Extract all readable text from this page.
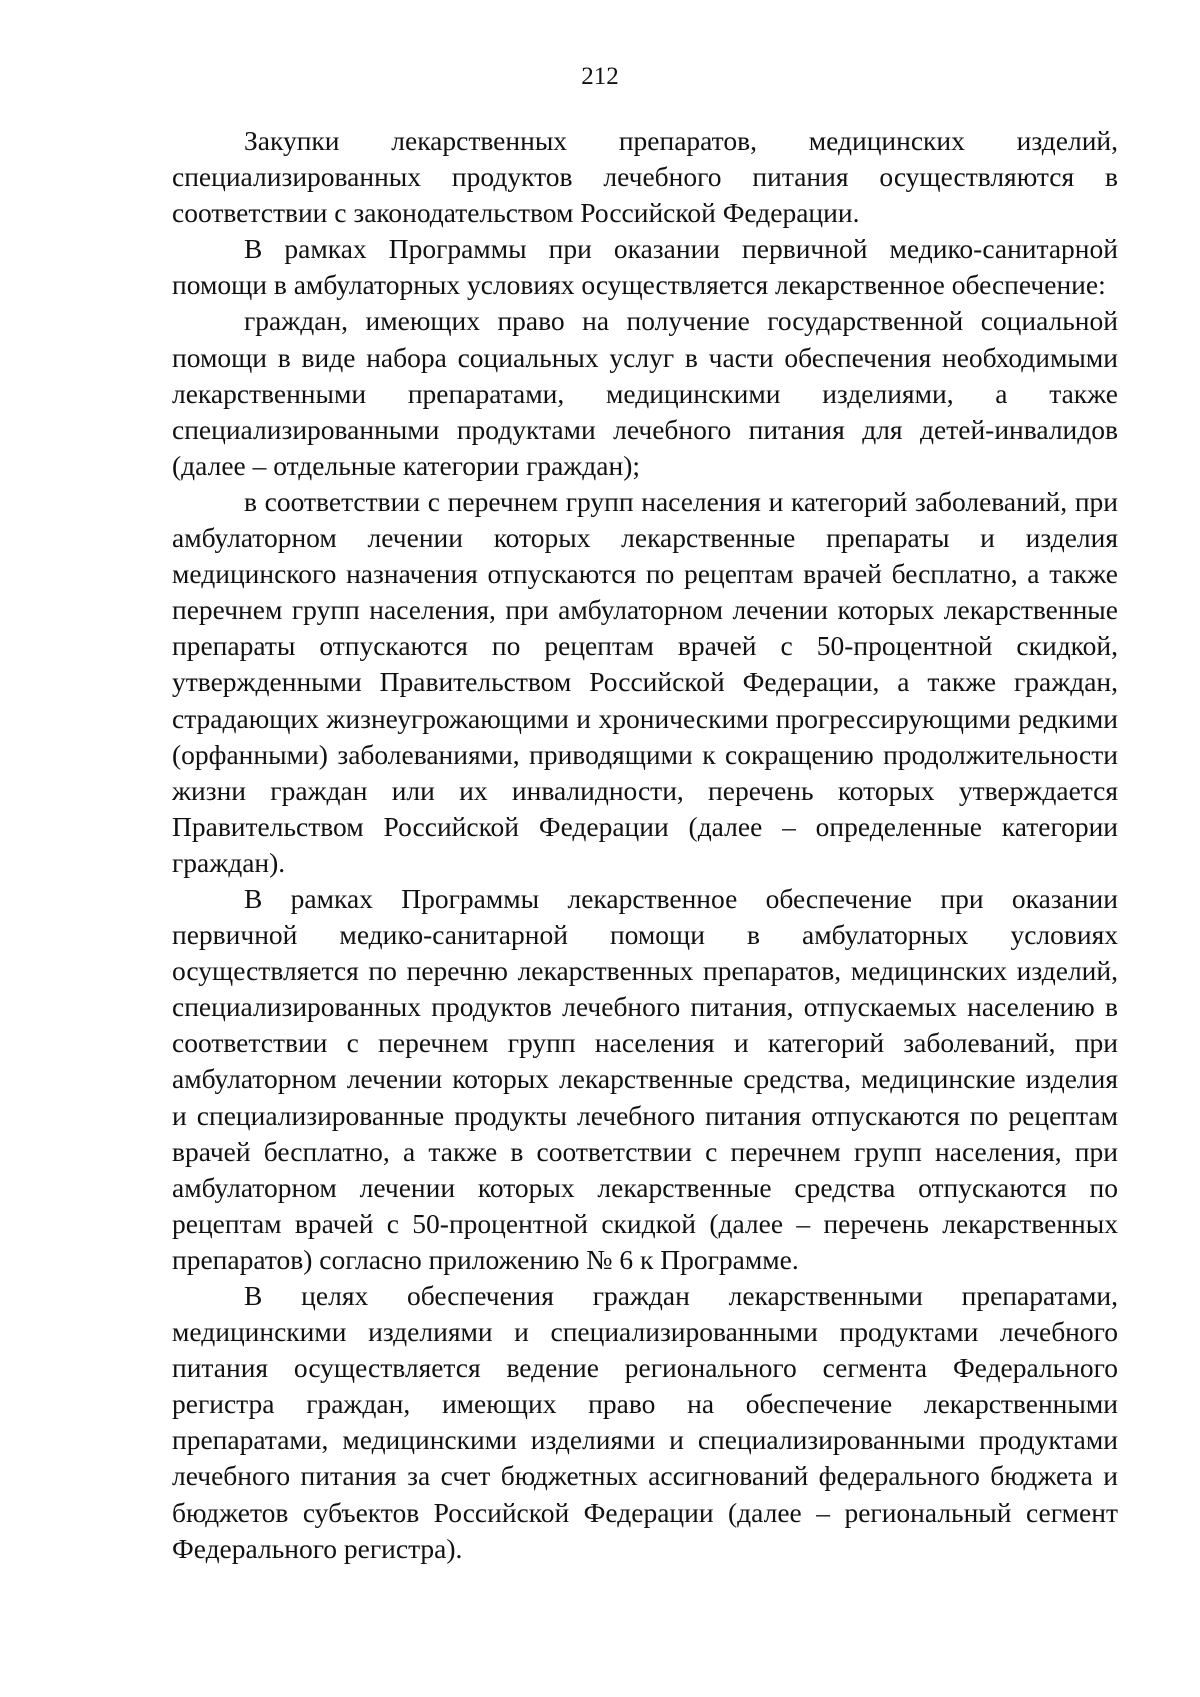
212

Закупки лекарственных препаратов, медицинских изделий, специализированных продуктов лечебного питания осуществляются в соответствии с законодательством Российской Федерации.

В рамках Программы при оказании первичной медико-санитарной помощи в амбулаторных условиях осуществляется лекарственное обеспечение:

граждан, имеющих право на получение государственной социальной помощи в виде набора социальных услуг в части обеспечения необходимыми лекарственными препаратами, медицинскими изделиями, а также специализированными продуктами лечебного питания для детей-инвалидов (далее – отдельные категории граждан);

в соответствии с перечнем групп населения и категорий заболеваний, при амбулаторном лечении которых лекарственные препараты и изделия медицинского назначения отпускаются по рецептам врачей бесплатно, а также перечнем групп населения, при амбулаторном лечении которых лекарственные препараты отпускаются по рецептам врачей с 50-процентной скидкой, утвержденными Правительством Российской Федерации, а также граждан, страдающих жизнеугрожающими и хроническими прогрессирующими редкими (орфанными) заболеваниями, приводящими к сокращению продолжительности жизни граждан или их инвалидности, перечень которых утверждается Правительством Российской Федерации (далее – определенные категории граждан).

В рамках Программы лекарственное обеспечение при оказании первичной медико-санитарной помощи в амбулаторных условиях осуществляется по перечню лекарственных препаратов, медицинских изделий, специализированных продуктов лечебного питания, отпускаемых населению в соответствии с перечнем групп населения и категорий заболеваний, при амбулаторном лечении которых лекарственные средства, медицинские изделия и специализированные продукты лечебного питания отпускаются по рецептам врачей бесплатно, а также в соответствии с перечнем групп населения, при амбулаторном лечении которых лекарственные средства отпускаются по рецептам врачей с 50-процентной скидкой (далее – перечень лекарственных препаратов) согласно приложению № 6 к Программе.

В целях обеспечения граждан лекарственными препаратами, медицинскими изделиями и специализированными продуктами лечебного питания осуществляется ведение регионального сегмента Федерального регистра граждан, имеющих право на обеспечение лекарственными препаратами, медицинскими изделиями и специализированными продуктами лечебного питания за счет бюджетных ассигнований федерального бюджета и бюджетов субъектов Российской Федерации (далее – региональный сегмент Федерального регистра).
